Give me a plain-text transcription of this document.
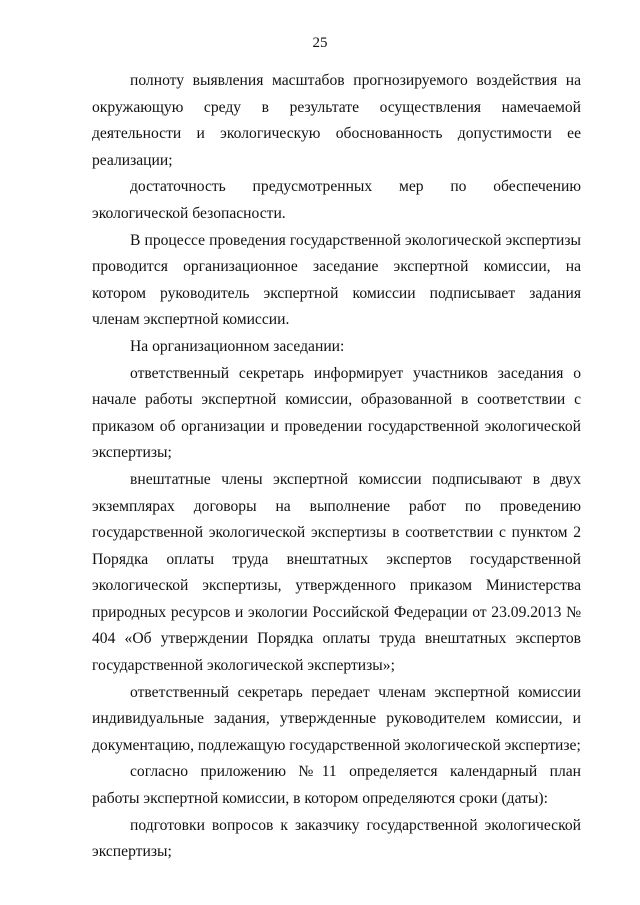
25

полноту выявления масштабов прогнозируемого воздействия на окружающую среду в результате осуществления намечаемой деятельности и экологическую обоснованность допустимости ее реализации;

достаточность предусмотренных мер по обеспечению экологической безопасности.

В процессе проведения государственной экологической экспертизы проводится организационное заседание экспертной комиссии, на котором руководитель экспертной комиссии подписывает задания членам экспертной комиссии.

На организационном заседании:

ответственный секретарь информирует участников заседания о начале работы экспертной комиссии, образованной в соответствии с приказом об организации и проведении государственной экологической экспертизы;

внештатные члены экспертной комиссии подписывают в двух экземплярах договоры на выполнение работ по проведению государственной экологической экспертизы в соответствии с пунктом 2 Порядка оплаты труда внештатных экспертов государственной экологической экспертизы, утвержденного приказом Министерства природных ресурсов и экологии Российской Федерации от 23.09.2013 № 404 «Об утверждении Порядка оплаты труда внештатных экспертов государственной экологической экспертизы»;

ответственный секретарь передает членам экспертной комиссии индивидуальные задания, утвержденные руководителем комиссии, и документацию, подлежащую государственной экологической экспертизе;

согласно приложению №11 определяется календарный план работы экспертной комиссии, в котором определяются сроки (даты):

подготовки вопросов к заказчику государственной экологической экспертизы;
